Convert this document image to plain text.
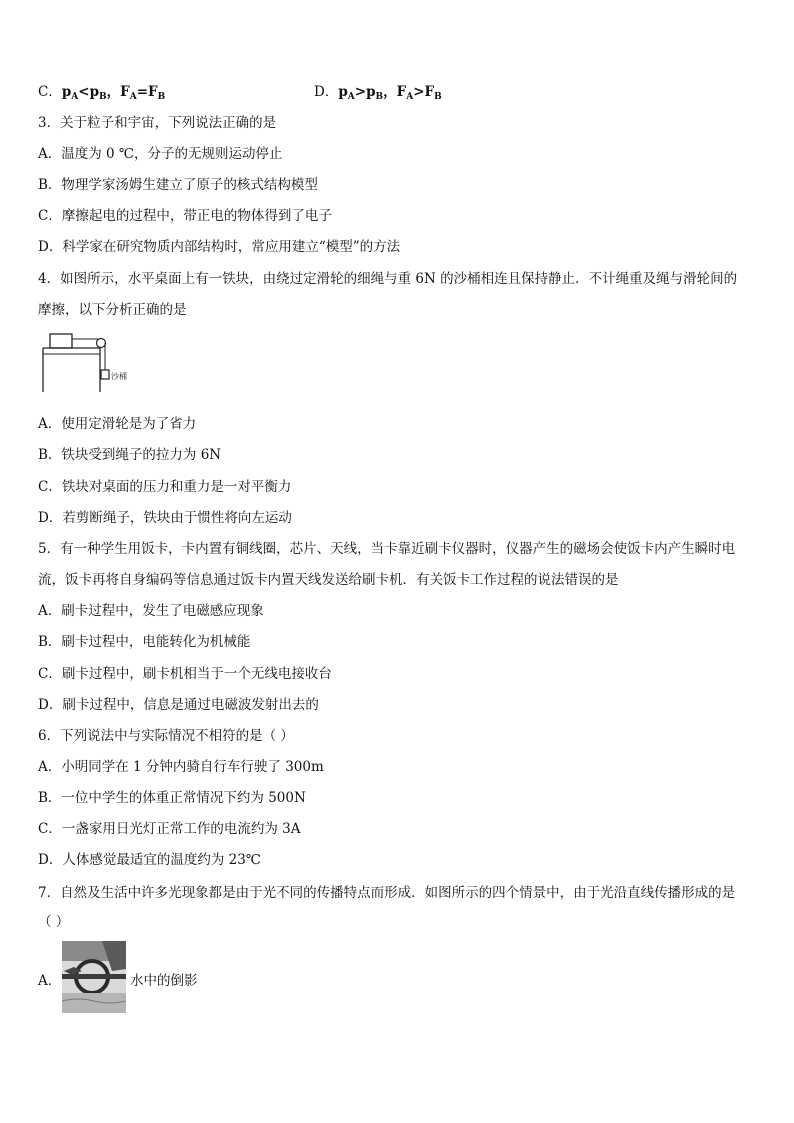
C．$p_A<p_B$，$F_A=F_B$	D．$p_A>p_B$，$F_A>F_B$
3．关于粒子和宇宙，下列说法正确的是
A．温度为 0 ℃，分子的无规则运动停止
B．物理学家汤姆生建立了原子的核式结构模型
C．摩擦起电的过程中，带正电的物体得到了电子
D．科学家在研究物质内部结构时，常应用建立“模型”的方法
4．如图所示，水平桌面上有一铁块，由绕过定滑轮的细绳与重 6N 的沙桶相连且保持静止．不计绳重及绳与滑轮间的
摩擦，以下分析正确的是
沙桶
A．使用定滑轮是为了省力
B．铁块受到绳子的拉力为 6N
C．铁块对桌面的压力和重力是一对平衡力
D．若剪断绳子，铁块由于惯性将向左运动
5．有一种学生用饭卡，卡内置有铜线圈，芯片、天线，当卡靠近刷卡仪器时，仪器产生的磁场会使饭卡内产生瞬时电
流，饭卡再将自身编码等信息通过饭卡内置天线发送给刷卡机．有关饭卡工作过程的说法错误的是
A．刷卡过程中，发生了电磁感应现象
B．刷卡过程中，电能转化为机械能
C．刷卡过程中，刷卡机相当于一个无线电接收台
D．刷卡过程中，信息是通过电磁波发射出去的
6．下列说法中与实际情况不相符的是（ ）
A．小明同学在 1 分钟内骑自行车行驶了 300m
B．一位中学生的体重正常情况下约为 500N
C．一盏家用日光灯正常工作的电流约为 3A
D．人体感觉最适宜的温度约为 23℃
7．自然及生活中许多光现象都是由于光不同的传播特点而形成．如图所示的四个情景中，由于光沿直线传播形成的是
（ ）
A．	水中的倒影
